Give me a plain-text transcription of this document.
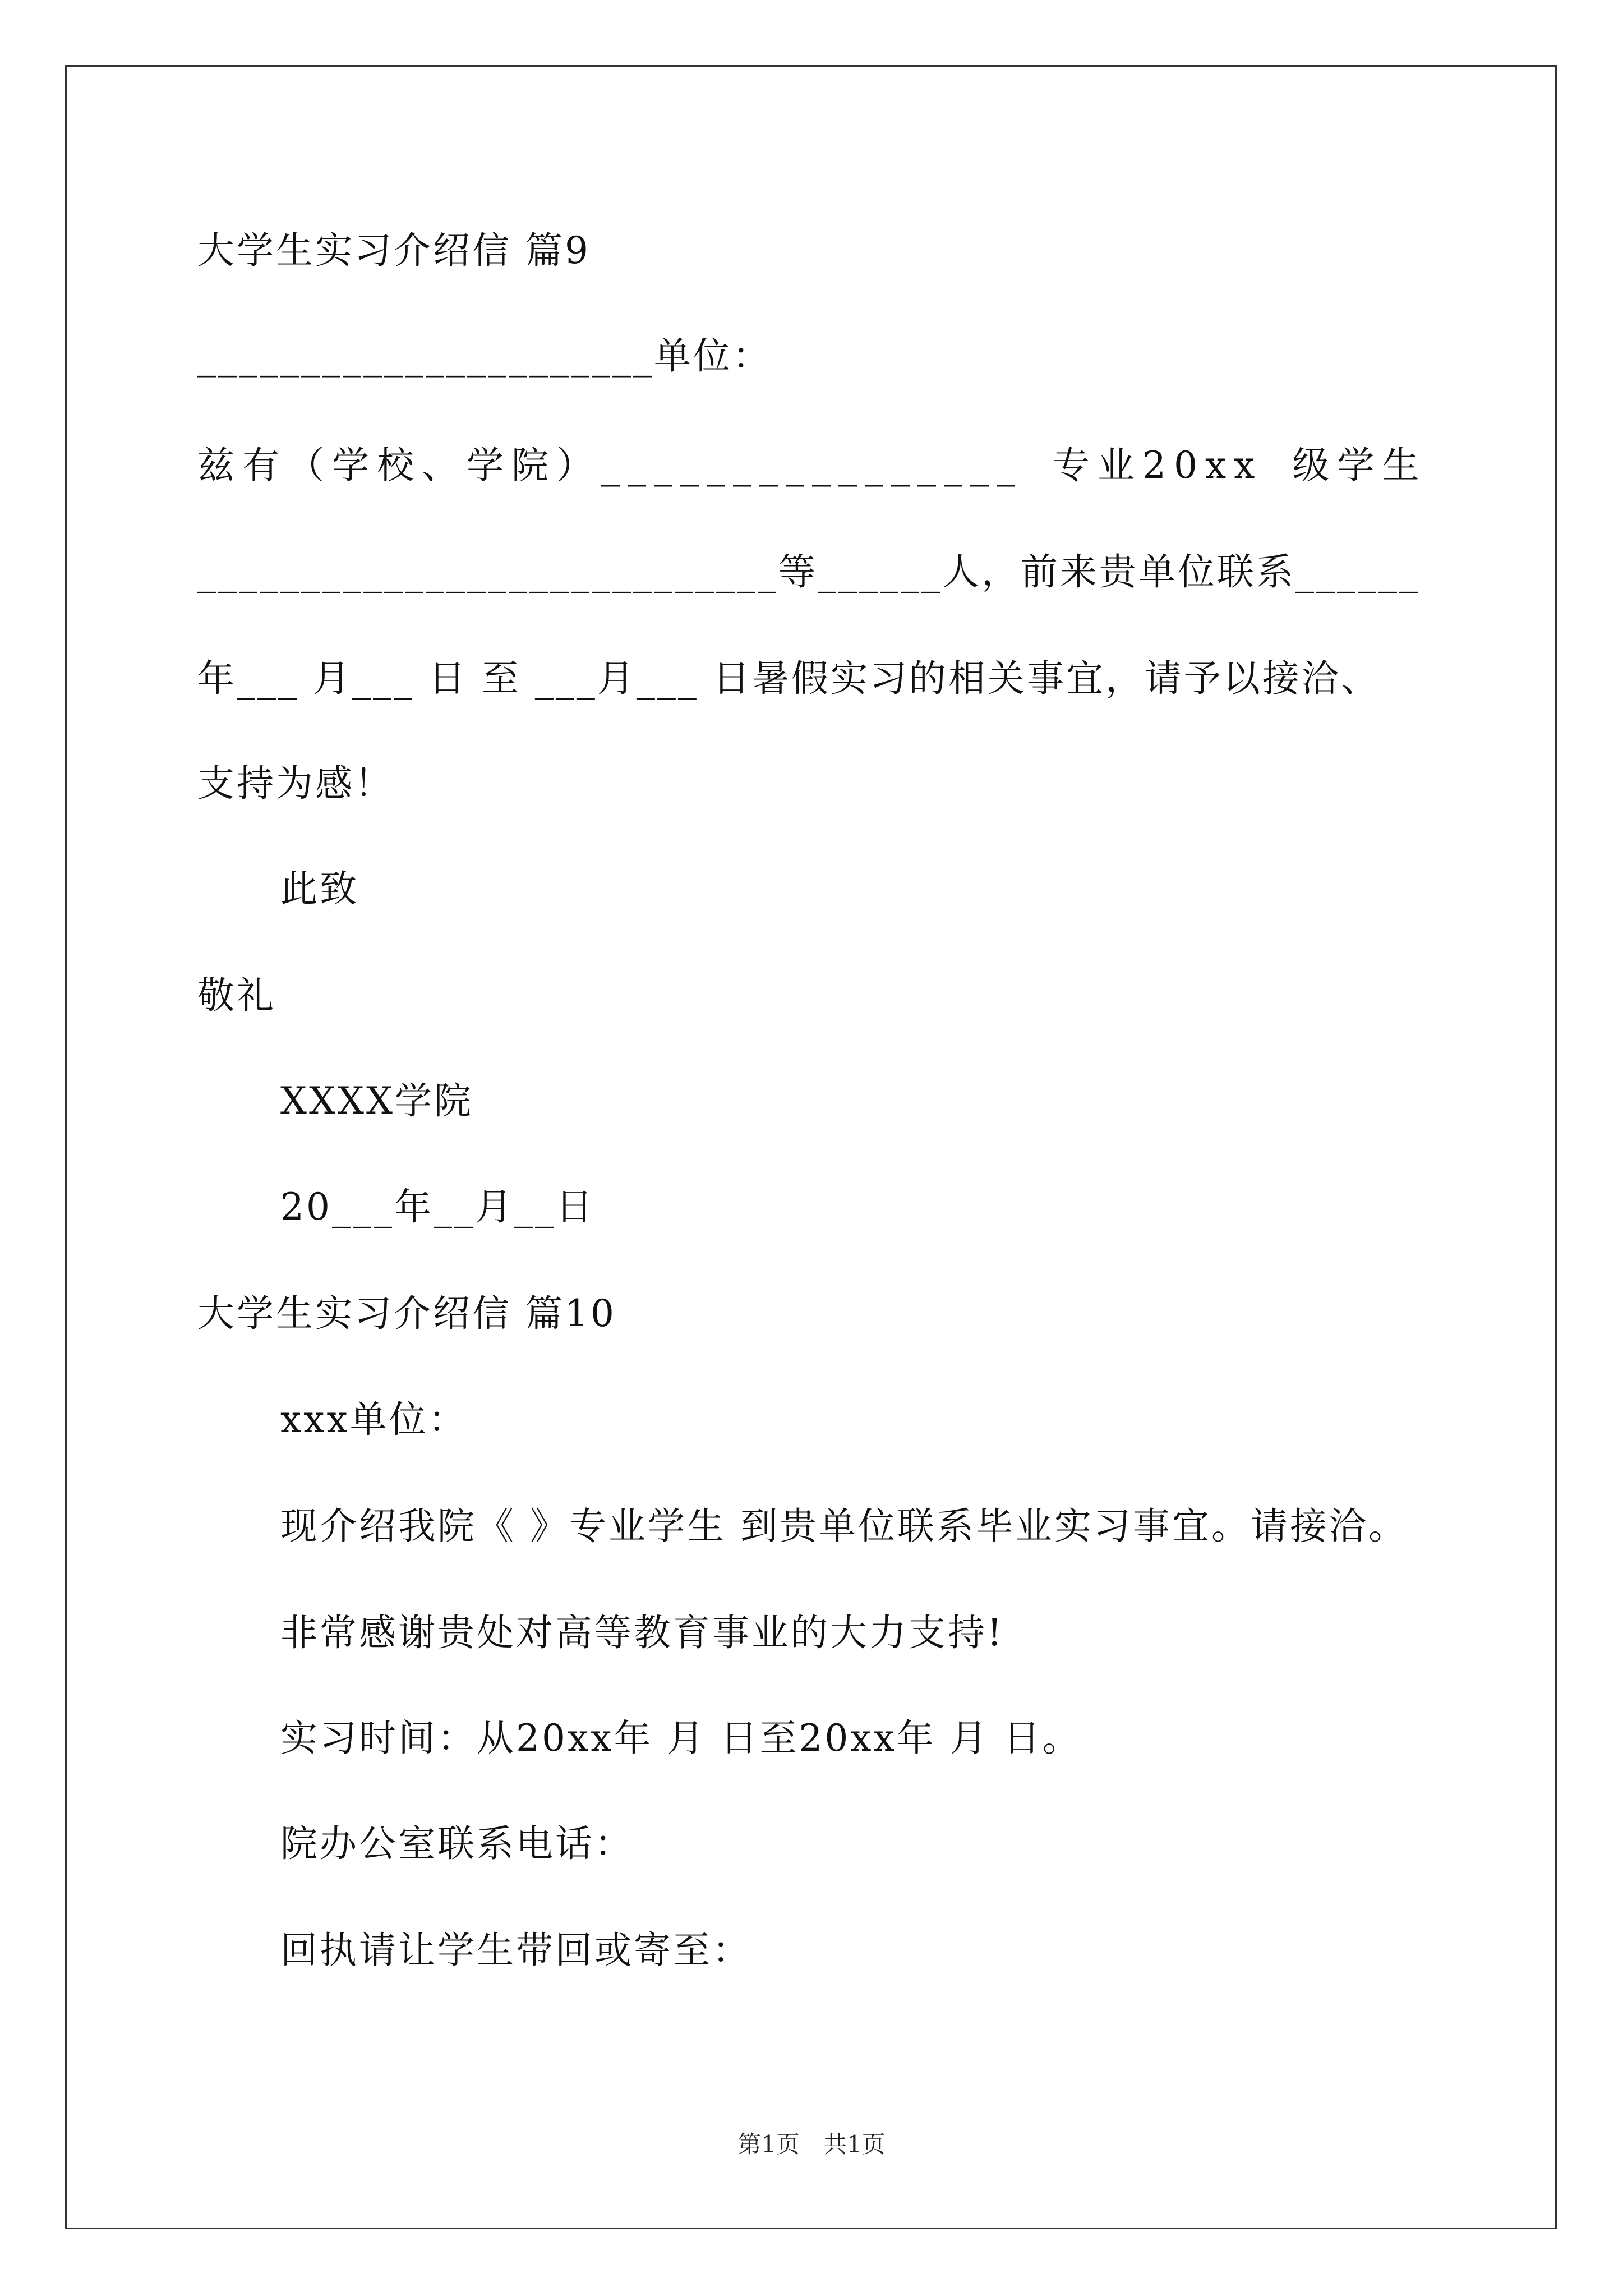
大学生实习介绍信 篇9
______________________单位：
兹有（学校、学院）________________ 专业20xx 级学生
____________________________等______人，前来贵单位联系______
年___ 月___ 日 至 ___月___ 日暑假实习的相关事宜，请予以接洽、
支持为感！
此致
敬礼
XXXX学院
20___年__月__日
大学生实习介绍信 篇10
xxx单位：
现介绍我院《 》专业学生 到贵单位联系毕业实习事宜。请接洽。
非常感谢贵处对高等教育事业的大力支持!
实习时间：从20xx年 月 日至20xx年 月 日。
院办公室联系电话：
回执请让学生带回或寄至：
第1页　共1页
